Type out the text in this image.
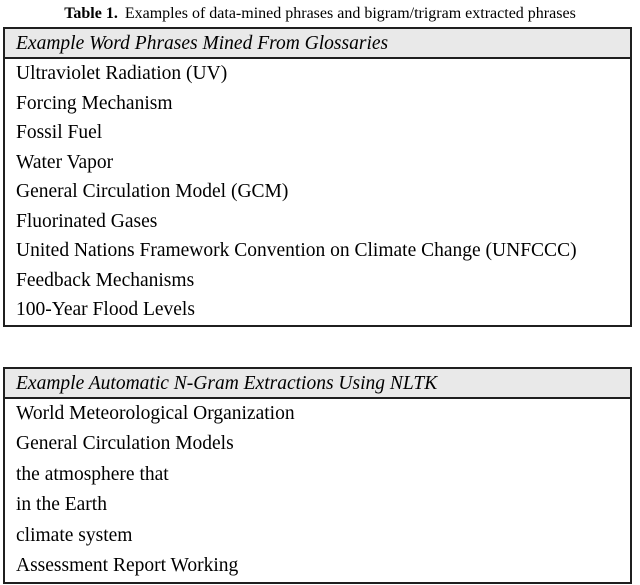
Table 1. Examples of data-mined phrases and bigram/trigram extracted phrases
Example Word Phrases Mined From Glossaries
Ultraviolet Radiation (UV)
Forcing Mechanism
Fossil Fuel
Water Vapor
General Circulation Model (GCM)
Fluorinated Gases
United Nations Framework Convention on Climate Change (UNFCCC)
Feedback Mechanisms
100-Year Flood Levels
Example Automatic N-Gram Extractions Using NLTK
World Meteorological Organization
General Circulation Models
the atmosphere that
in the Earth
climate system
Assessment Report Working
